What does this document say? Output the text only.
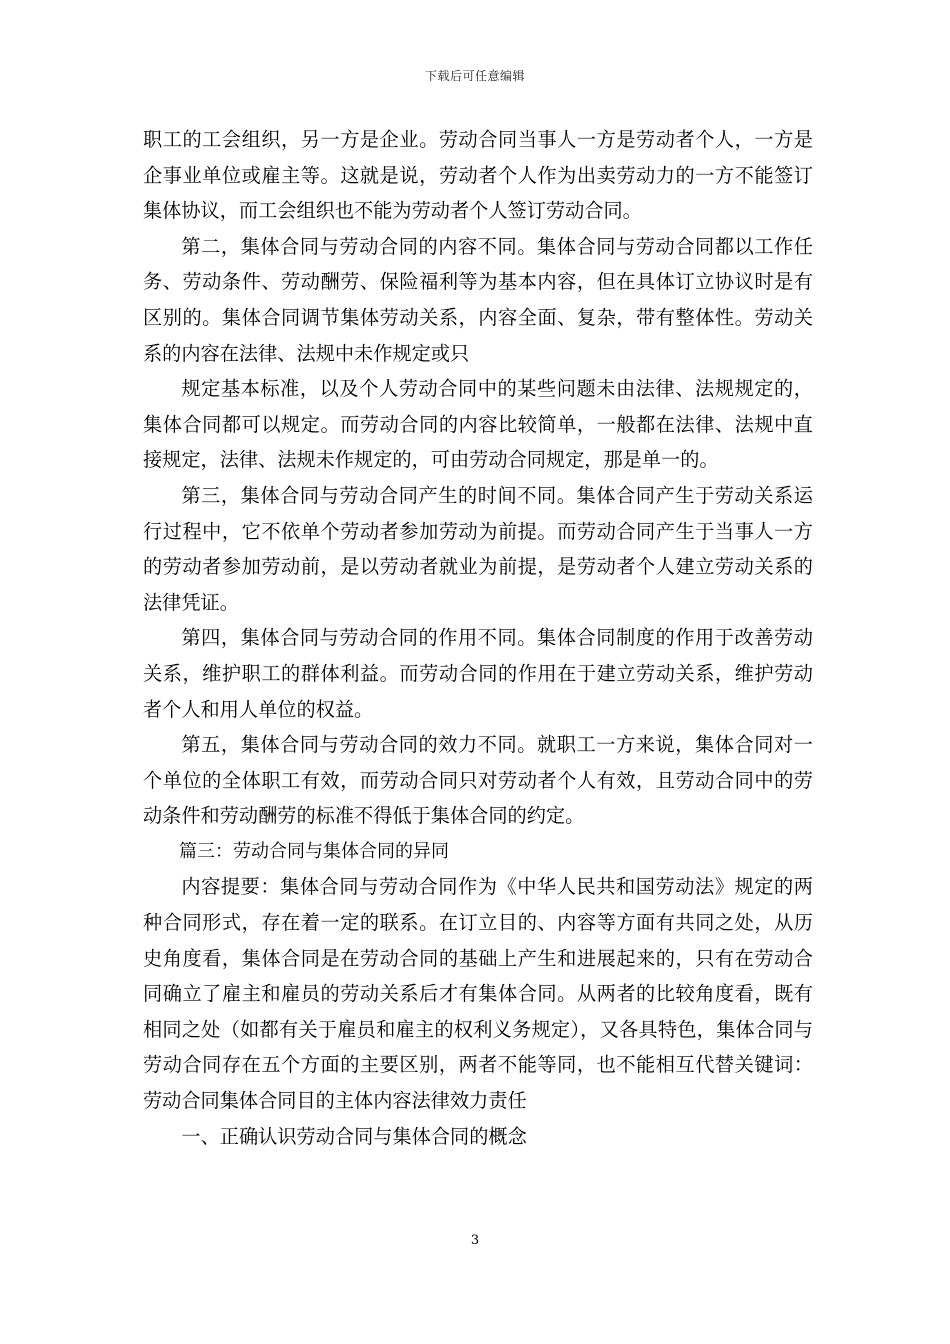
下载后可任意编辑

职工的工会组织，另一方是企业。劳动合同当事人一方是劳动者个人，一方是企事业单位或雇主等。这就是说，劳动者个人作为出卖劳动力的一方不能签订集体协议，而工会组织也不能为劳动者个人签订劳动合同。

第二，集体合同与劳动合同的内容不同。集体合同与劳动合同都以工作任务、劳动条件、劳动酬劳、保险福利等为基本内容，但在具体订立协议时是有区别的。集体合同调节集体劳动关系，内容全面、复杂，带有整体性。劳动关系的内容在法律、法规中未作规定或只

规定基本标准，以及个人劳动合同中的某些问题未由法律、法规规定的，集体合同都可以规定。而劳动合同的内容比较简单，一般都在法律、法规中直接规定，法律、法规未作规定的，可由劳动合同规定，那是单一的。

第三，集体合同与劳动合同产生的时间不同。集体合同产生于劳动关系运行过程中，它不依单个劳动者参加劳动为前提。而劳动合同产生于当事人一方的劳动者参加劳动前，是以劳动者就业为前提，是劳动者个人建立劳动关系的法律凭证。

第四，集体合同与劳动合同的作用不同。集体合同制度的作用于改善劳动关系，维护职工的群体利益。而劳动合同的作用在于建立劳动关系，维护劳动者个人和用人单位的权益。

第五，集体合同与劳动合同的效力不同。就职工一方来说，集体合同对一个单位的全体职工有效，而劳动合同只对劳动者个人有效，且劳动合同中的劳动条件和劳动酬劳的标准不得低于集体合同的约定。

篇三：劳动合同与集体合同的异同

内容提要：集体合同与劳动合同作为《中华人民共和国劳动法》规定的两种合同形式，存在着一定的联系。在订立目的、内容等方面有共同之处，从历史角度看，集体合同是在劳动合同的基础上产生和进展起来的，只有在劳动合同确立了雇主和雇员的劳动关系后才有集体合同。从两者的比较角度看，既有相同之处（如都有关于雇员和雇主的权利义务规定），又各具特色，集体合同与劳动合同存在五个方面的主要区别，两者不能等同，也不能相互代替关键词：劳动合同集体合同目的主体内容法律效力责任

一、正确认识劳动合同与集体合同的概念

3
